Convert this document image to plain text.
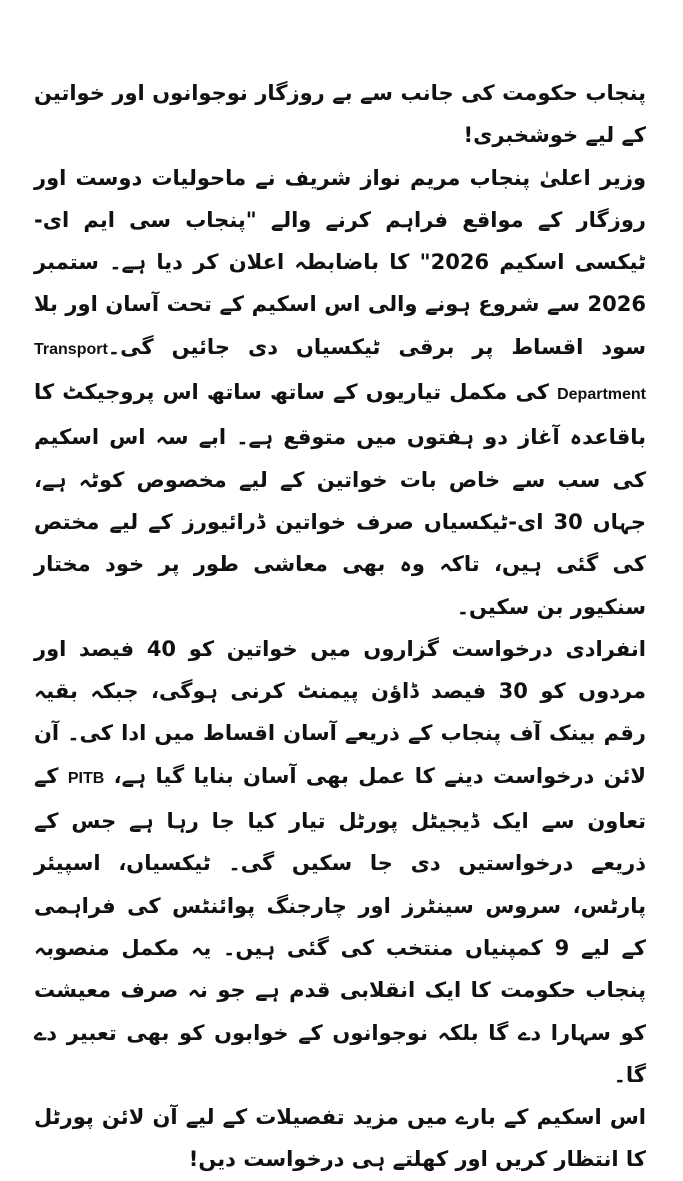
پنجاب حکومت کی جانب سے بے روزگار نوجوانوں اور خواتین کے لیے خوشخبری!

وزیر اعلیٰ پنجاب مریم نواز شریف نے ماحولیات دوست اور روزگار کے مواقع فراہم کرنے والے "پنجاب سی ایم ای-ٹیکسی اسکیم 2026" کا باضابطہ اعلان کر دیا ہے۔ ستمبر 2026 سے شروع ہونے والی اس اسکیم کے تحت آسان اور بلا سود اقساط پر برقی ٹیکسیاں دی جائیں گی۔Transport Department کی مکمل تیاریوں کے ساتھ ساتھ اس پروجیکٹ کا باقاعدہ آغاز دو ہفتوں میں متوقع ہے۔ ابے سہ اس اسکیم کی سب سے خاص بات خواتین کے لیے مخصوص کوٹہ ہے، جہاں 30 ای-ٹیکسیاں صرف خواتین ڈرائیورز کے لیے مختص کی گئی ہیں، تاکہ وہ بھی معاشی طور پر خود مختار سنکیور بن سکیں۔

انفرادی درخواست گزاروں میں خواتین کو 40 فیصد اور مردوں کو 30 فیصد ڈاؤن پیمنٹ کرنی ہوگی، جبکہ بقیہ رقم بینک آف پنجاب کے ذریعے آسان اقساط میں ادا کی۔ آن لائن درخواست دینے کا عمل بھی آسان بنایا گیا ہے، PITB کے تعاون سے ایک ڈیجیٹل پورٹل تیار کیا جا رہا ہے جس کے ذریعے درخواستیں دی جا سکیں گی۔ ٹیکسیاں، اسپیئر پارٹس، سروس سینٹرز اور چارجنگ پوائنٹس کی فراہمی کے لیے 9 کمپنیاں منتخب کی گئی ہیں۔ یہ مکمل منصوبہ پنجاب حکومت کا ایک انقلابی قدم ہے جو نہ صرف معیشت کو سہارا دے گا بلکہ نوجوانوں کے خوابوں کو بھی تعبیر دے گا۔

اس اسکیم کے بارے میں مزید تفصیلات کے لیے آن لائن پورٹل کا انتظار کریں اور کھلتے ہی درخواست دیں!
